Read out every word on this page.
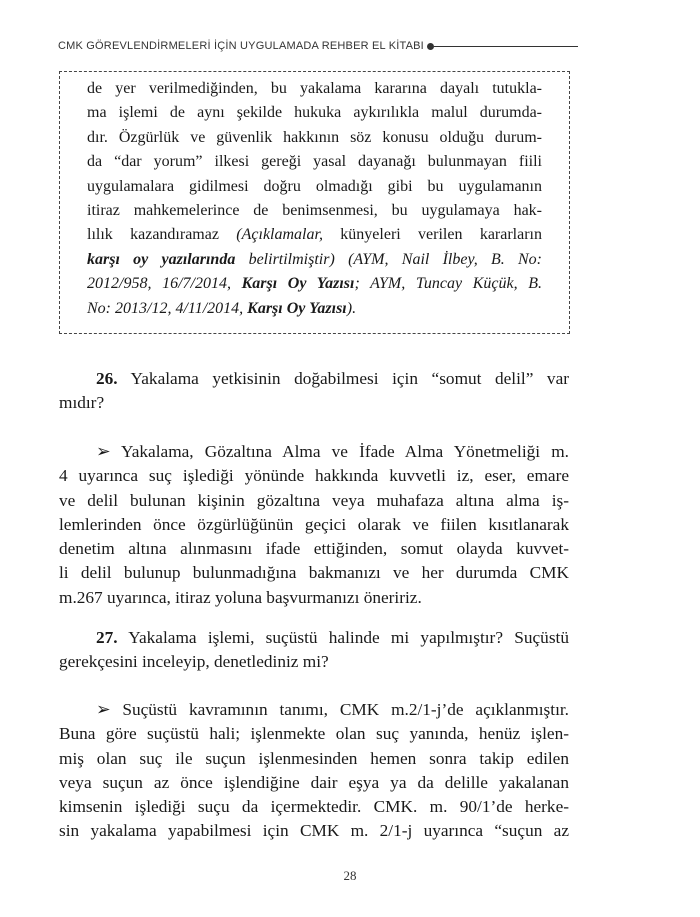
CMK GÖREVLENDİRMELERİ İÇİN UYGULAMADA REHBER EL KİTABI

de yer verilmediğinden, bu yakalama kararına dayalı tutukla-
ma işlemi de aynı şekilde hukuka aykırılıkla malul durumda-
dır. Özgürlük ve güvenlik hakkının söz konusu olduğu durum-
da “dar yorum” ilkesi gereği yasal dayanağı bulunmayan fiili
uygulamalara gidilmesi doğru olmadığı gibi bu uygulamanın
itiraz mahkemelerince de benimsenmesi, bu uygulamaya hak-
lılık kazandıramaz (Açıklamalar, künyeleri verilen kararların
karşı oy yazılarında belirtilmiştir) (AYM, Nail İlbey, B. No:
2012/958, 16/7/2014, Karşı Oy Yazısı; AYM, Tuncay Küçük, B.
No: 2013/12, 4/11/2014, Karşı Oy Yazısı).

26. Yakalama yetkisinin doğabilmesi için “somut delil” var
mıdır?
➢ Yakalama, Gözaltına Alma ve İfade Alma Yönetmeliği m.
4 uyarınca suç işlediği yönünde hakkında kuvvetli iz, eser, emare
ve delil bulunan kişinin gözaltına veya muhafaza altına alma iş-
lemlerinden önce özgürlüğünün geçici olarak ve fiilen kısıtlanarak
denetim altına alınmasını ifade ettiğinden, somut olayda kuvvet-
li delil bulunup bulunmadığına bakmanızı ve her durumda CMK
m.267 uyarınca, itiraz yoluna başvurmanızı öneririz.
27. Yakalama işlemi, suçüstü halinde mi yapılmıştır? Suçüstü
gerekçesini inceleyip, denetlediniz mi?
➢ Suçüstü kavramının tanımı, CMK m.2/1-j’de açıklanmıştır.
Buna göre suçüstü hali; işlenmekte olan suç yanında, henüz işlen-
miş olan suç ile suçun işlenmesinden hemen sonra takip edilen
veya suçun az önce işlendiğine dair eşya ya da delille yakalanan
kimsenin işlediği suçu da içermektedir. CMK. m. 90/1’de herke-
sin yakalama yapabilmesi için CMK m. 2/1-j uyarınca “suçun az
28
